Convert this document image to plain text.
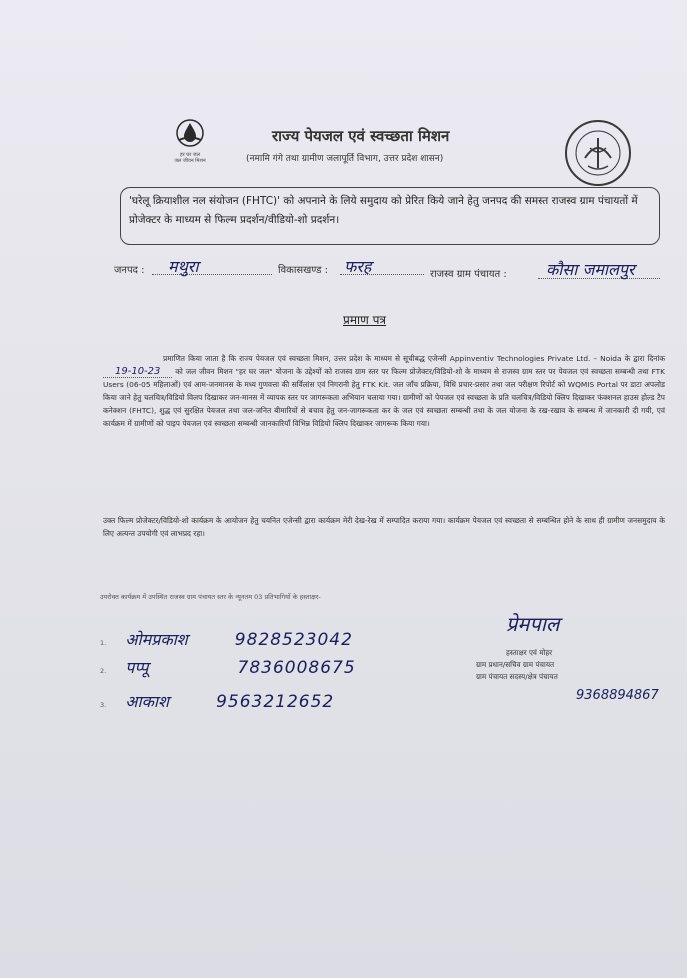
हर घर जल
जल जीवन मिशन
राज्य पेयजल एवं स्वच्छता मिशन
(नमामि गंगे तथा ग्रामीण जलापूर्ति विभाग, उत्तर प्रदेश शासन)
'घरेलू क्रियाशील नल संयोजन (FHTC)' को अपनाने के लिये समुदाय को प्रेरित किये जाने हेतु जनपद की समस्त राजस्व ग्राम पंचायतों में प्रोजेक्टर के माध्यम से फिल्म प्रदर्शन/वीडियो-शो प्रदर्शन।
जनपद : मथुरा	विकासखण्ड : फरह	राजस्व ग्राम पंचायत : कौसा जमालपुर
प्रमाण पत्र
प्रमाणित किया जाता है कि राज्य पेयजल एवं स्वच्छता मिशन, उत्तर प्रदेश के माध्यम से सूचीबद्ध एजेन्सी Appinventiv Technologies Private Ltd. – Noida के द्वारा दिनांक 19-10-23 को जल जीवन मिशन "हर घर जल" योजना के उद्देश्यों को राजस्व ग्राम स्तर पर फिल्म प्रोजेक्टर/विडियो-शो के माध्यम से राजस्व ग्राम स्तर पर पेयजल एवं स्वच्छता सम्बन्धी तथा FTK Users (06-05 महिलाओं) एवं आम-जनमानस के मध्य गुणवत्ता की सर्विलांस एवं निगरानी हेतु FTK Kit. जल जाँच प्रक्रिया, विधि प्रचार-प्रसार तथा जल परीक्षण रिपोर्ट को WQMIS Portal पर डाटा अपलोड किया जाने हेतु चलचित्र/विडियो विलप दिखाकर जन-मानस में व्यापक स्तर पर जागरूकता अभियान चलाया गया। ग्रामीणों को पेयजल एवं स्वच्छता के प्रति चलचित्र/विडियो क्लिप दिखाकर फंक्शनल हाउस होल्ड टैप कनेक्शन (FHTC), शुद्ध एवं सुरक्षित पेयजल तथा जल-जनित बीमारियों से बचाव हेतु जन-जागरूकता कर के जल एवं स्वच्छता सम्बन्धी तथा के जल योजना के रख-रखाव के सम्बन्ध में जानकारी दी गयी, एवं कार्यक्रम में ग्रामीणों को पाइप पेयजल एवं स्वच्छता सम्बन्धी जानकारियाँ विभिन्न विडियो क्लिप दिखाकर जागरूक किया गया।
उक्त फिल्म प्रोजेक्टर/विडियो-शो कार्यक्रम के आयोजन हेतु चयनित एजेन्सी द्वारा कार्यक्रम मेरी देख-रेख में सम्पादित कराया गया। कार्यक्रम पेयजल एवं स्वच्छता से सम्बन्धित होने के साथ ही ग्रामीण जनसमुदाय के लिए अत्यन्त उपयोगी एवं लाभप्रद रहा।
उपरोक्त कार्यक्रम में उपस्थित राजस्व ग्राम पंचायत स्तर के न्यूनतम 03 प्रतिभागियों के हस्ताक्षर-
1. ओमप्रकाश	9828523042
2. पप्पू	7836008675
3. आकाश	9563212652
प्रेमपाल
हस्ताक्षर एवं मोहर
ग्राम प्रधान/सचिव ग्राम पंचायत
ग्राम पंचायत सदस्य/क्षेत्र पंचायत
9368894867
